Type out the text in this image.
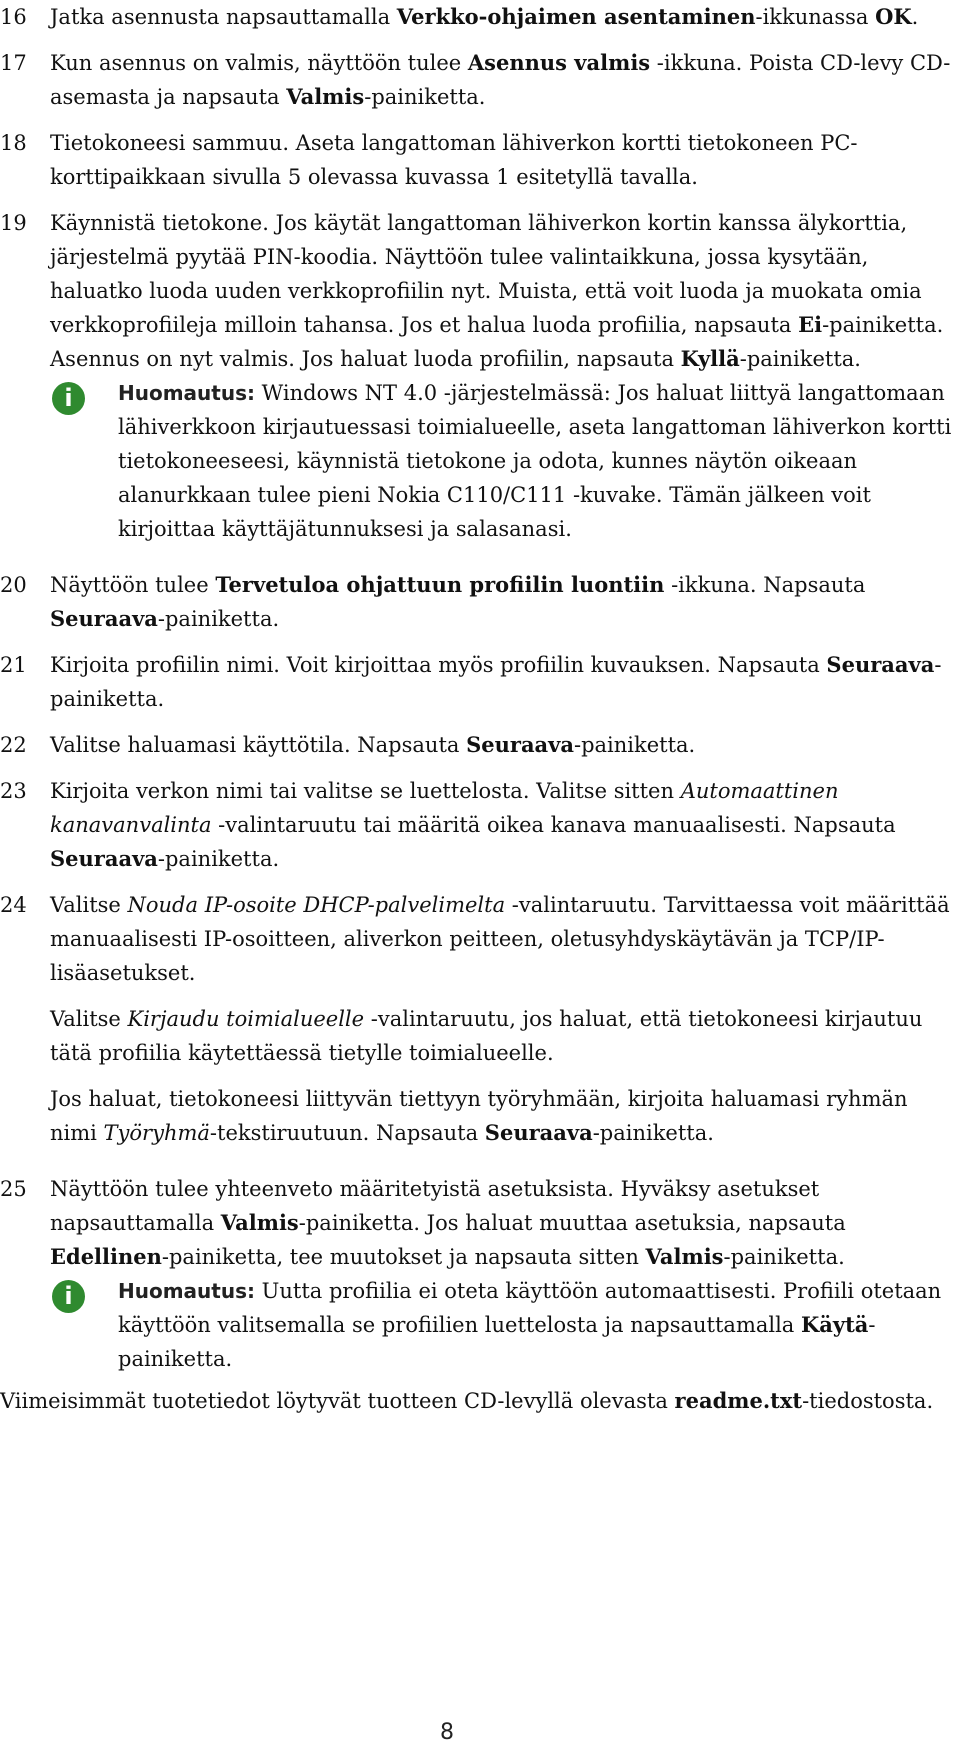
16	Jatka asennusta napsauttamalla Verkko-ohjaimen asentaminen-ikkunassa OK.

17	Kun asennus on valmis, näyttöön tulee Asennus valmis -ikkuna. Poista CD-levy CD-asemasta ja napsauta Valmis-painiketta.

18	Tietokoneesi sammuu. Aseta langattoman lähiverkon kortti tietokoneen PC-korttipaikkaan sivulla 5 olevassa kuvassa 1 esitetyllä tavalla.

19	Käynnistä tietokone. Jos käytät langattoman lähiverkon kortin kanssa älykorttia, järjestelmä pyytää PIN-koodia. Näyttöön tulee valintaikkuna, jossa kysytään, haluatko luoda uuden verkkoprofiilin nyt. Muista, että voit luoda ja muokata omia verkkoprofiileja milloin tahansa. Jos et halua luoda profiilia, napsauta Ei-painiketta. Asennus on nyt valmis. Jos haluat luoda profiilin, napsauta Kyllä-painiketta.

i	Huomautus: Windows NT 4.0 -järjestelmässä: Jos haluat liittyä langattomaan lähiverkkoon kirjautuessasi toimialueelle, aseta langattoman lähiverkon kortti tietokoneeseesi, käynnistä tietokone ja odota, kunnes näytön oikeaan alanurkkaan tulee pieni Nokia C110/C111 -kuvake. Tämän jälkeen voit kirjoittaa käyttäjätunnuksesi ja salasanasi.

20	Näyttöön tulee Tervetuloa ohjattuun profiilin luontiin -ikkuna. Napsauta Seuraava-painiketta.

21	Kirjoita profiilin nimi. Voit kirjoittaa myös profiilin kuvauksen. Napsauta Seuraava-painiketta.

22	Valitse haluamasi käyttötila. Napsauta Seuraava-painiketta.

23	Kirjoita verkon nimi tai valitse se luettelosta. Valitse sitten Automaattinen kanavanvalinta -valintaruutu tai määritä oikea kanava manuaalisesti. Napsauta Seuraava-painiketta.

24	Valitse Nouda IP-osoite DHCP-palvelimelta -valintaruutu. Tarvittaessa voit määrittää manuaalisesti IP-osoitteen, aliverkon peitteen, oletusyhdyskäytävän ja TCP/IP-lisäasetukset.

Valitse Kirjaudu toimialueelle -valintaruutu, jos haluat, että tietokoneesi kirjautuu tätä profiilia käytettäessä tietylle toimialueelle.

Jos haluat, tietokoneesi liittyvän tiettyyn työryhmään, kirjoita haluamasi ryhmän nimi Työryhmä-tekstiruutuun. Napsauta Seuraava-painiketta.

25	Näyttöön tulee yhteenveto määritetyistä asetuksista. Hyväksy asetukset napsauttamalla Valmis-painiketta. Jos haluat muuttaa asetuksia, napsauta Edellinen-painiketta, tee muutokset ja napsauta sitten Valmis-painiketta.

i	Huomautus: Uutta profiilia ei oteta käyttöön automaattisesti. Profiili otetaan käyttöön valitsemalla se profiilien luettelosta ja napsauttamalla Käytä-painiketta.

Viimeisimmät tuotetiedot löytyvät tuotteen CD-levyllä olevasta readme.txt-tiedostosta.

8
